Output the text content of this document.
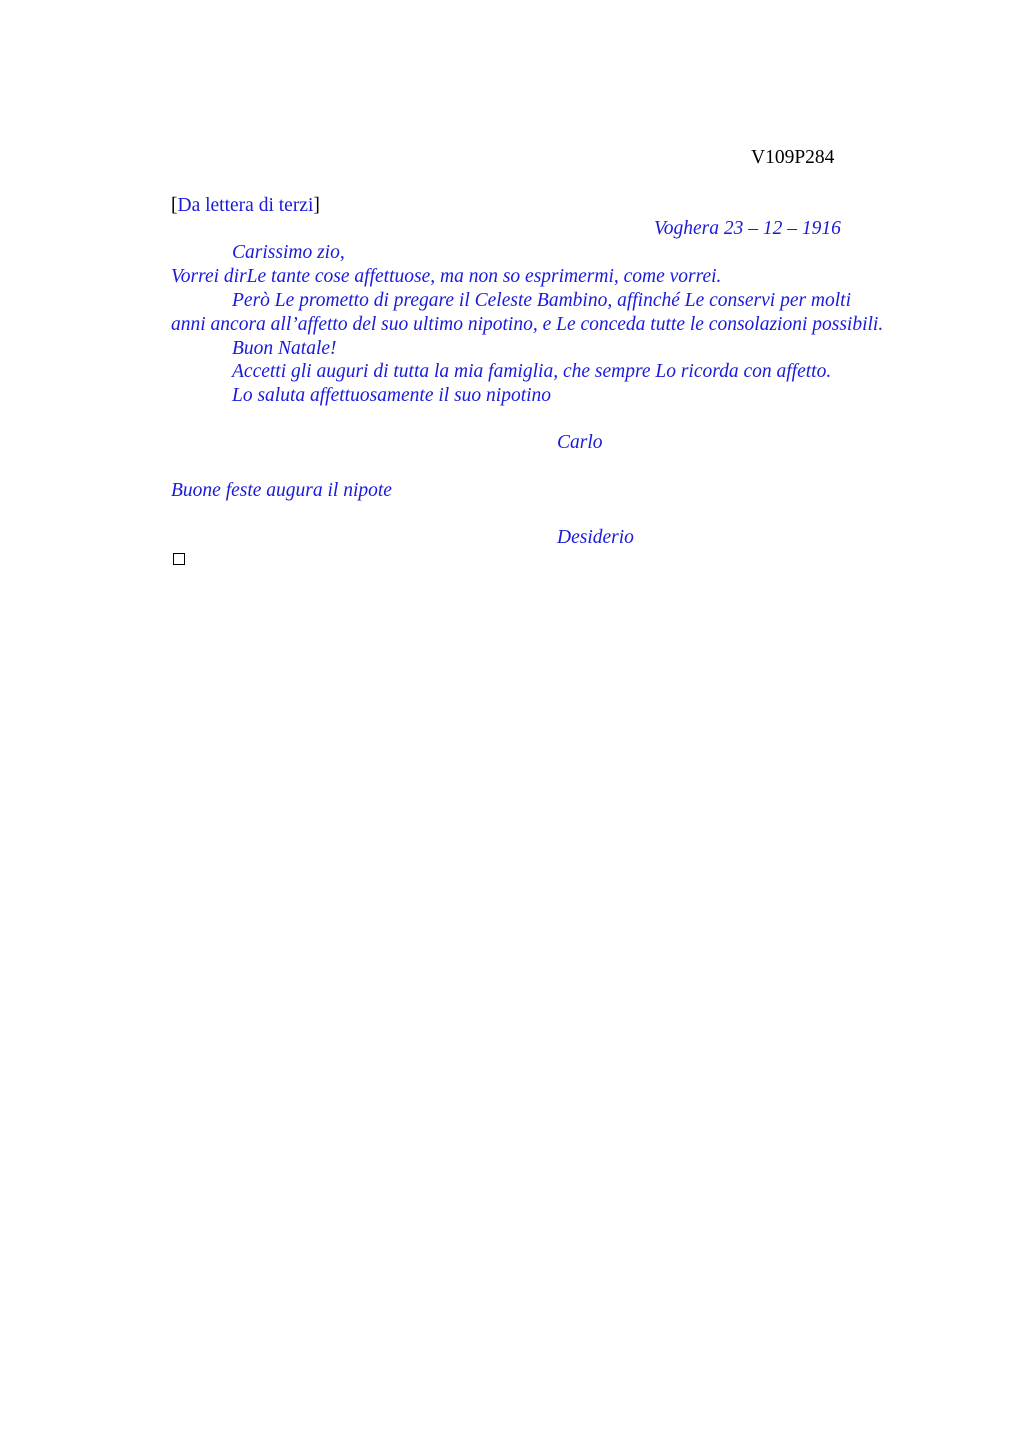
V109P284
[Da lettera di terzi]
Voghera 23 – 12 – 1916
Carissimo zio,
Vorrei dirLe tante cose affettuose, ma non so esprimermi, come vorrei.
Però Le prometto di pregare il Celeste Bambino, affinché Le conservi per molti
anni ancora all’affetto del suo ultimo nipotino, e Le conceda tutte le consolazioni possibili.
Buon Natale!
Accetti gli auguri di tutta la mia famiglia, che sempre Lo ricorda con affetto.
Lo saluta affettuosamente il suo nipotino
Carlo
Buone feste augura il nipote
Desiderio
